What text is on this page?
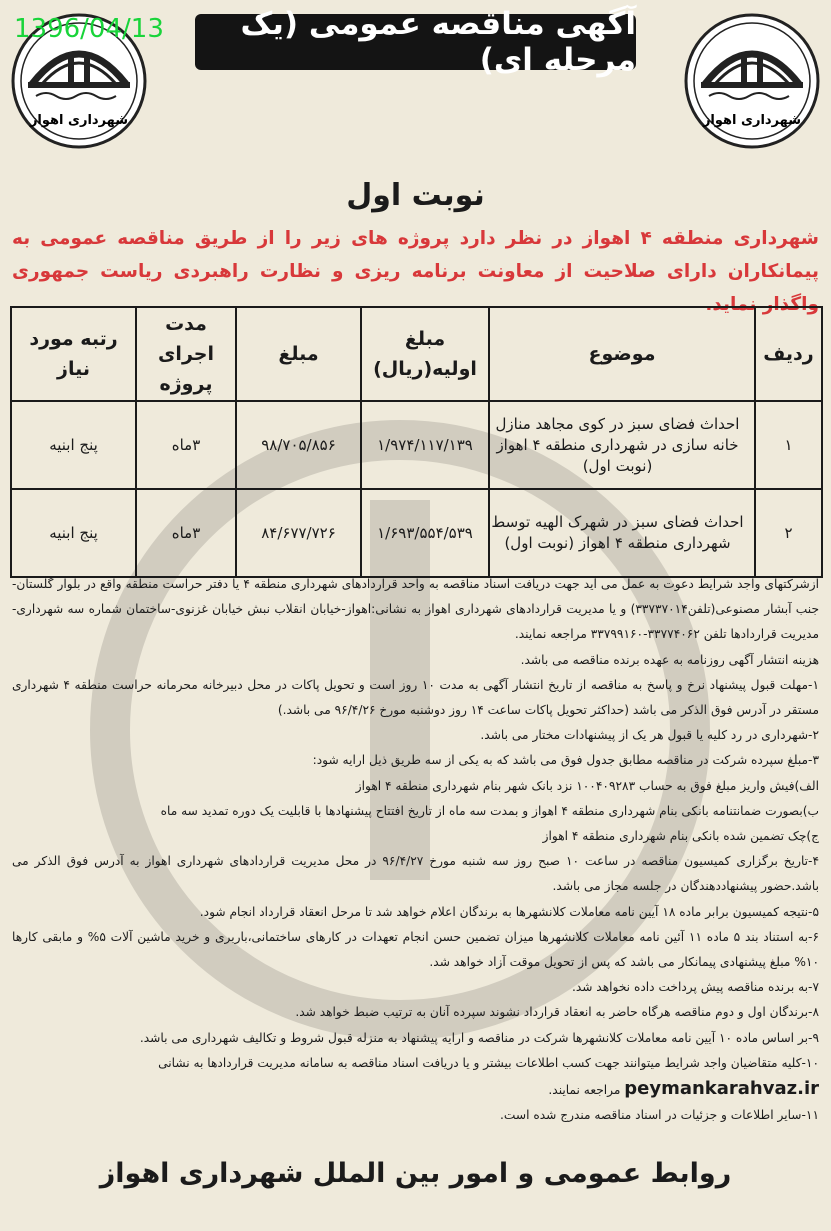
1396/04/13
شهرداری اهواز	شهرداری اهواز
آگهی مناقصه عمومی (یک مرحله ای)
نوبت اول
شهرداری منطقه ۴ اهواز در نظر دارد پروژه های زیر را از طریق مناقصه عمومی به پیمانکاران دارای صلاحیت از معاونت برنامه ریزی و نظارت راهبردی ریاست جمهوری واگذار نماید.
ردیف	موضوع	مبلغ اولیه(ریال)	مبلغ	مدت اجرای پروژه	رتبه مورد نیاز
۱	احداث فضای سبز در کوی مجاهد منازل خانه سازی در شهرداری منطقه ۴ اهواز (نوبت اول)	۱/۹۷۴/۱۱۷/۱۳۹	۹۸/۷۰۵/۸۵۶	۳ماه	پنج ابنیه
۲	احداث فضای سبز در شهرک الهیه توسط شهرداری منطقه ۴ اهواز (نوبت اول)	۱/۶۹۳/۵۵۴/۵۳۹	۸۴/۶۷۷/۷۲۶	۳ماه	پنج ابنیه

ازشرکتهای واجد شرایط دعوت به عمل می آید جهت دریافت اسناد مناقصه به واحد قراردادهای شهرداری منطقه ۴ یا دفتر حراست منطقه واقع در بلوار گلستان-جنب آبشار مصنوعی(تلفن۳۳۷۳۷۰۱۴) و یا مدیریت قراردادهای شهرداری اهواز به نشانی:اهواز-خیابان انقلاب نبش خیابان غزنوی-ساختمان شماره سه شهرداری-مدیریت قراردادها تلفن ۳۳۷۷۴۰۶۲-۳۳۷۹۹۱۶۰ مراجعه نمایند.

هزینه انتشار آگهی روزنامه به عهده برنده مناقصه می باشد.

۱-مهلت قبول پیشنهاد نرخ و پاسخ به مناقصه از تاریخ انتشار آگهی به مدت ۱۰ روز است و تحویل پاکات در محل دبیرخانه محرمانه حراست منطقه ۴ شهرداری مستقر در آدرس فوق الذکر می باشد (حداکثر تحویل پاکات ساعت ۱۴ روز دوشنبه مورخ ۹۶/۴/۲۶ می باشد.)

۲-شهرداری در رد کلیه یا قبول هر یک از پیشنهادات مختار می باشد.

۳-مبلغ سپرده شرکت در مناقصه مطابق جدول فوق می باشد که به یکی از سه طریق ذیل ارایه شود:

الف)فیش واریز مبلغ فوق به حساب ۱۰۰۴۰۹۲۸۳ نزد بانک شهر بنام شهرداری منطقه ۴ اهواز

ب)بصورت ضمانتنامه بانکی بنام شهرداری منطقه ۴ اهواز و بمدت سه ماه از تاریخ افتتاح پیشنهادها با قابلیت یک دوره تمدید سه ماه

ج)چک تضمین شده بانکی بنام شهرداری منطقه ۴ اهواز

۴-تاریخ برگزاری کمیسیون مناقصه در ساعت ۱۰ صبح روز سه شنبه مورخ ۹۶/۴/۲۷ در محل مدیریت قراردادهای شهرداری اهواز به آدرس فوق الذکر می باشد.حضور پیشنهاددهندگان در جلسه مجاز می باشد.

۵-نتیجه کمیسیون برابر ماده ۱۸ آیین نامه معاملات کلانشهرها به برندگان اعلام خواهد شد تا مرحل انعقاد قرارداد انجام شود.

۶-به استناد بند ۵ ماده ۱۱ آئین نامه معاملات کلانشهرها میزان تضمین حسن انجام تعهدات در کارهای ساختمانی،باربری و خرید ماشین آلات ۵% و مابقی کارها ۱۰% مبلغ پیشنهادی پیمانکار می باشد که پس از تحویل موقت آزاد خواهد شد.

۷-به برنده مناقصه پیش پرداخت داده نخواهد شد.

۸-برندگان اول و دوم مناقصه هرگاه حاضر به انعقاد قرارداد نشوند سپرده آنان به ترتیب ضبط خواهد شد.

۹-بر اساس ماده ۱۰ آیین نامه معاملات کلانشهرها شرکت در مناقصه و ارایه پیشنهاد به منزله قبول شروط و تکالیف شهرداری می باشد.

۱۰-کلیه متقاضیان واجد شرایط میتوانند جهت کسب اطلاعات بیشتر و یا دریافت اسناد مناقصه به سامانه مدیریت قراردادها به نشانی

peymankarahvaz.ir مراجعه نمایند.

۱۱-سایر اطلاعات و جزئیات در اسناد مناقصه مندرج شده است.

روابط عمومی و امور بین الملل شهرداری اهواز
